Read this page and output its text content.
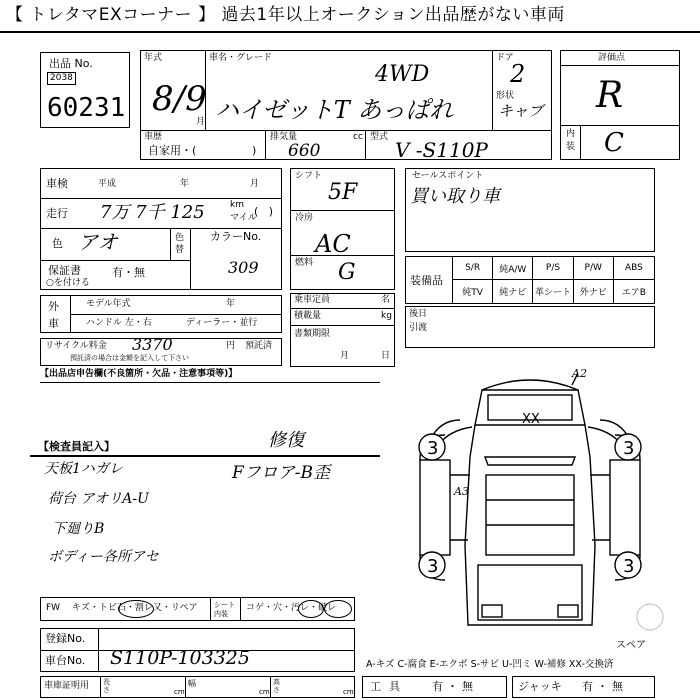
【 トレタマEXコーナー 】 過去1年以上オークション出品歴がない車両
出品 No.
2038
60231
年式
8/9
月
車名・グレード
4WD
ハイゼットT あっぱれ
ドア
2
形状
キャブ
車歴
自家用・(	)
排気量	cc
660
型式
V -S110P
評価点
R
内装 C
車検	平成	年	月
走行 7万 7千 125	km
マイル
(   )
色 アオ	色替
カラーNo.
309
保証書	有・無
○を付ける
シフト
5F
冷房
AC
燃料 G
セールスポイント
買い取り車
装備品
S/R	純A/W	P/S	P/W	ABS
純TV	純ナビ 革シート 外ナビ	エアB
外車
モデル年式	年
ハンドル 左・右	ディーラー・並行
乗車定員	名
積載量	kg
書類期限
月	日
後日
引渡
リサイクル料金 3370	円 預託済
預託済の場合は金額を記入して下さい
【出品店申告欄(不良箇所・欠品・注意事項等)】
【検査員記入】	修復
Fフロア-B歪
天板1ハガレ
荷台 アオリA-U
下廻りB
ボディー各所アセ
3	3
3	3
A2
XX
A3
スペア
FW キズ・トビ石・割レ又・リペア シート内装
コゲ・穴・汚レ・破レ
登録No.
車台No. S110P-103325	A-キズ C-腐食 E-エクボ S-サビ U-凹ミ W-補修 XX-交換済
車庫証明用 長さ	cm
幅
cm
高さ	cm 工具 有・無	ジャッキ 有・無
